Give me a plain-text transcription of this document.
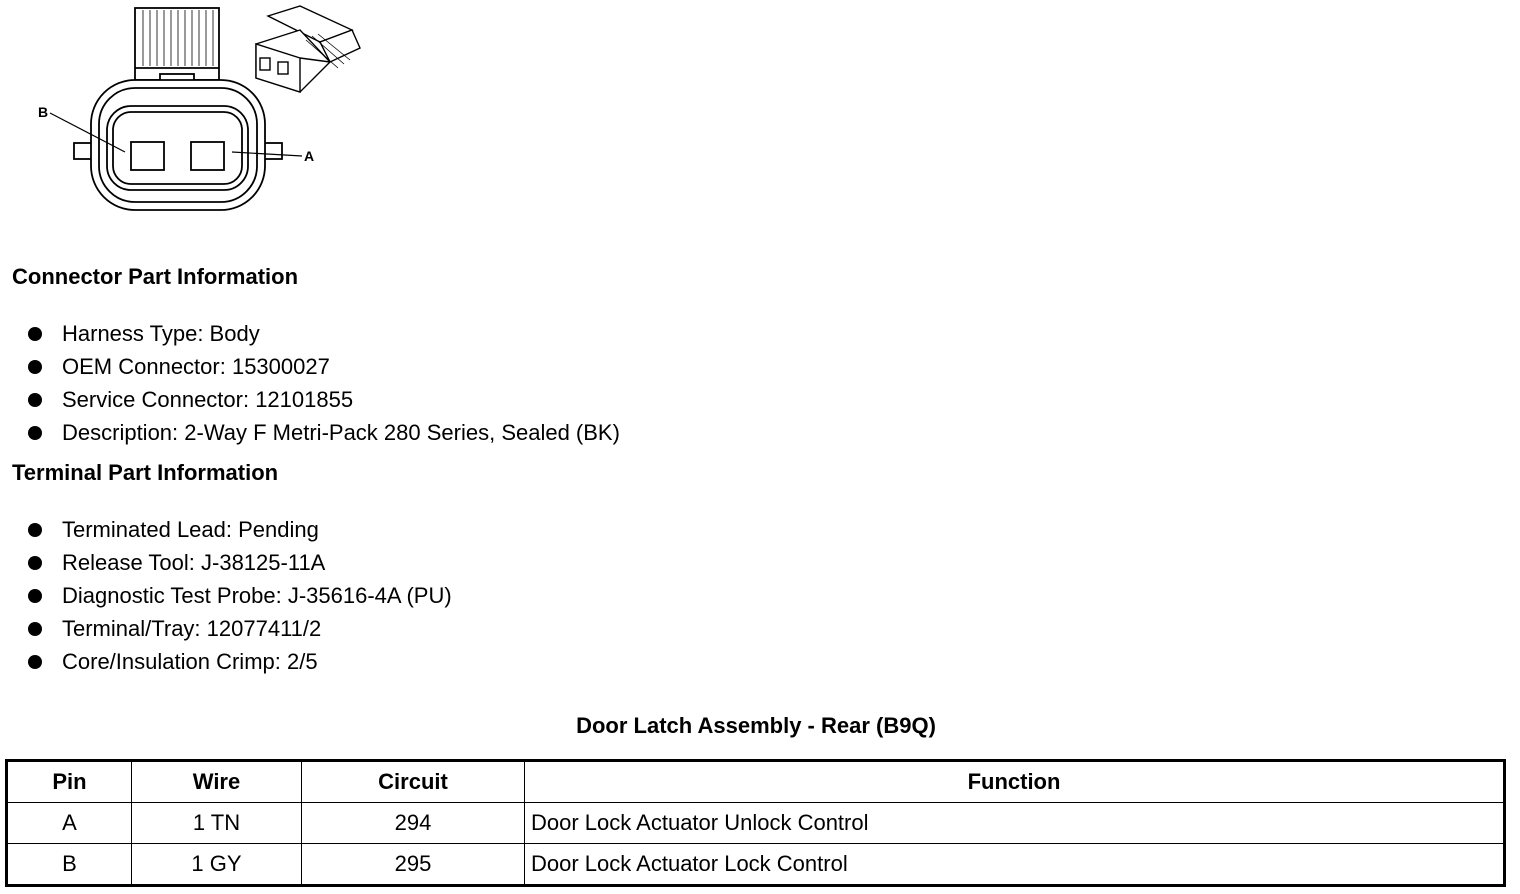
B
A
Connector Part Information
Harness Type: Body
OEM Connector: 15300027
Service Connector: 12101855
Description: 2-Way F Metri-Pack 280 Series, Sealed (BK)
Terminal Part Information
Terminated Lead: Pending
Release Tool: J-38125-11A
Diagnostic Test Probe: J-35616-4A (PU)
Terminal/Tray: 12077411/2
Core/Insulation Crimp: 2/5
Door Latch Assembly - Rear (B9Q)
Pin	Wire	Circuit	Function
A	1 TN	294	Door Lock Actuator Unlock Control
B	1 GY	295	Door Lock Actuator Lock Control
